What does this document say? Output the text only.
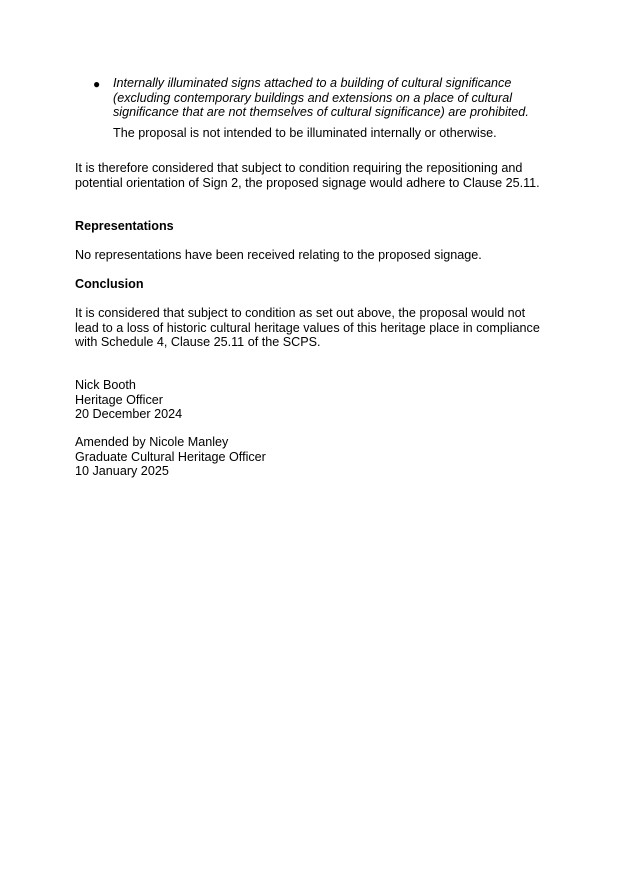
● Internally illuminated signs attached to a building of cultural significance
(excluding contemporary buildings and extensions on a place of cultural
significance that are not themselves of cultural significance) are prohibited.

The proposal is not intended to be illuminated internally or otherwise.

It is therefore considered that subject to condition requiring the repositioning and
potential orientation of Sign 2, the proposed signage would adhere to Clause 25.11.

Representations

No representations have been received relating to the proposed signage.

Conclusion

It is considered that subject to condition as set out above, the proposal would not
lead to a loss of historic cultural heritage values of this heritage place in compliance
with Schedule 4, Clause 25.11 of the SCPS.

Nick Booth
Heritage Officer
20 December 2024
Amended by Nicole Manley
Graduate Cultural Heritage Officer
10 January 2025
